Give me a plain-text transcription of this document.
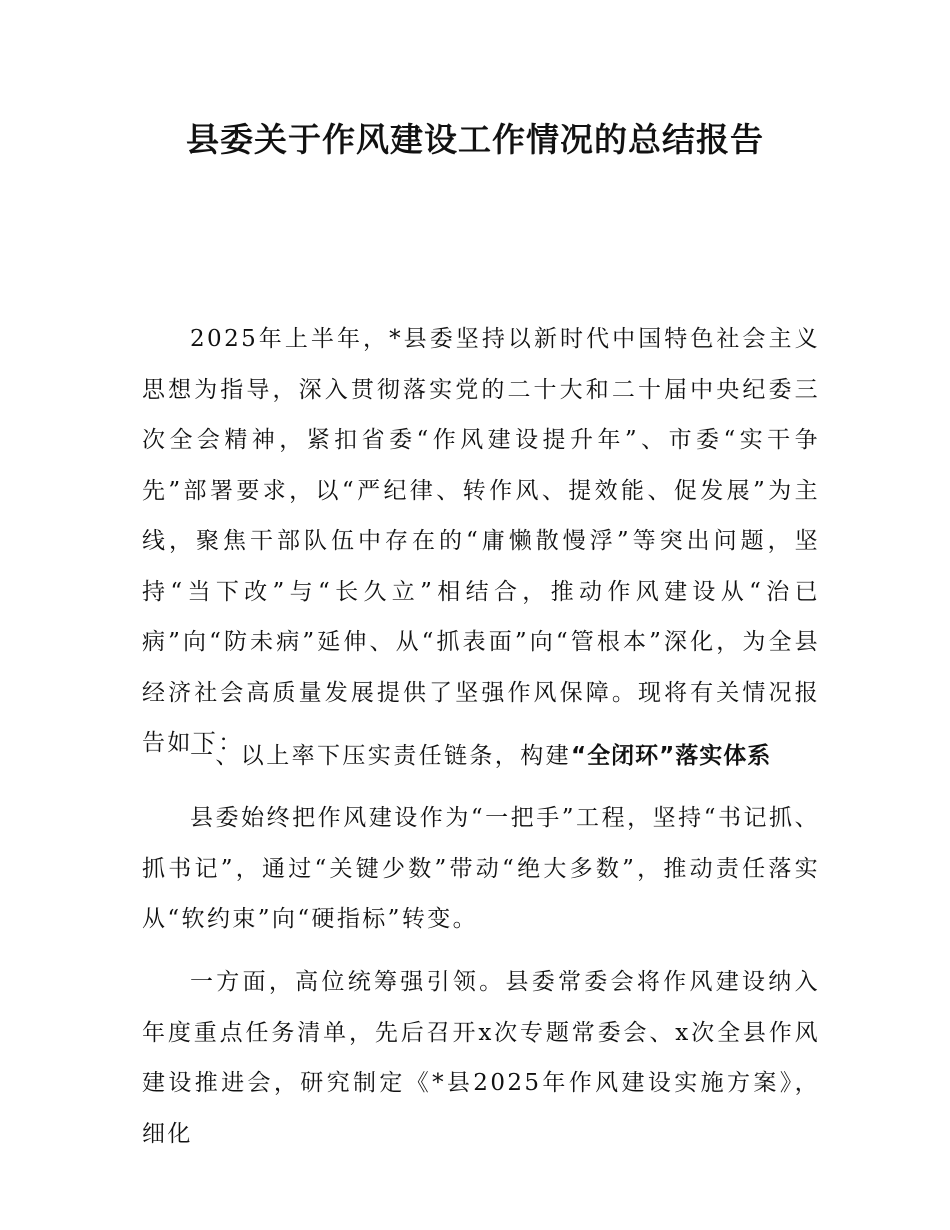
县委关于作风建设工作情况的总结报告

2025年上半年，*县委坚持以新时代中国特色社会主义思想为指导，深入贯彻落实党的二十大和二十届中央纪委三次全会精神，紧扣省委“作风建设提升年”、市委“实干争先”部署要求，以“严纪律、转作风、提效能、促发展”为主线，聚焦干部队伍中存在的“庸懒散慢浮”等突出问题，坚持“当下改”与“长久立”相结合，推动作风建设从“治已病”向“防未病”延伸、从“抓表面”向“管根本”深化，为全县经济社会高质量发展提供了坚强作风保障。现将有关情况报告如下：

一、以上率下压实责任链条，构建“全闭环”落实体系

县委始终把作风建设作为“一把手”工程，坚持“书记抓、抓书记”，通过“关键少数”带动“绝大多数”，推动责任落实从“软约束”向“硬指标”转变。

一方面，高位统筹强引领。县委常委会将作风建设纳入年度重点任务清单，先后召开x次专题常委会、x次全县作风建设推进会，研究制定《*县2025年作风建设实施方案》，细化
